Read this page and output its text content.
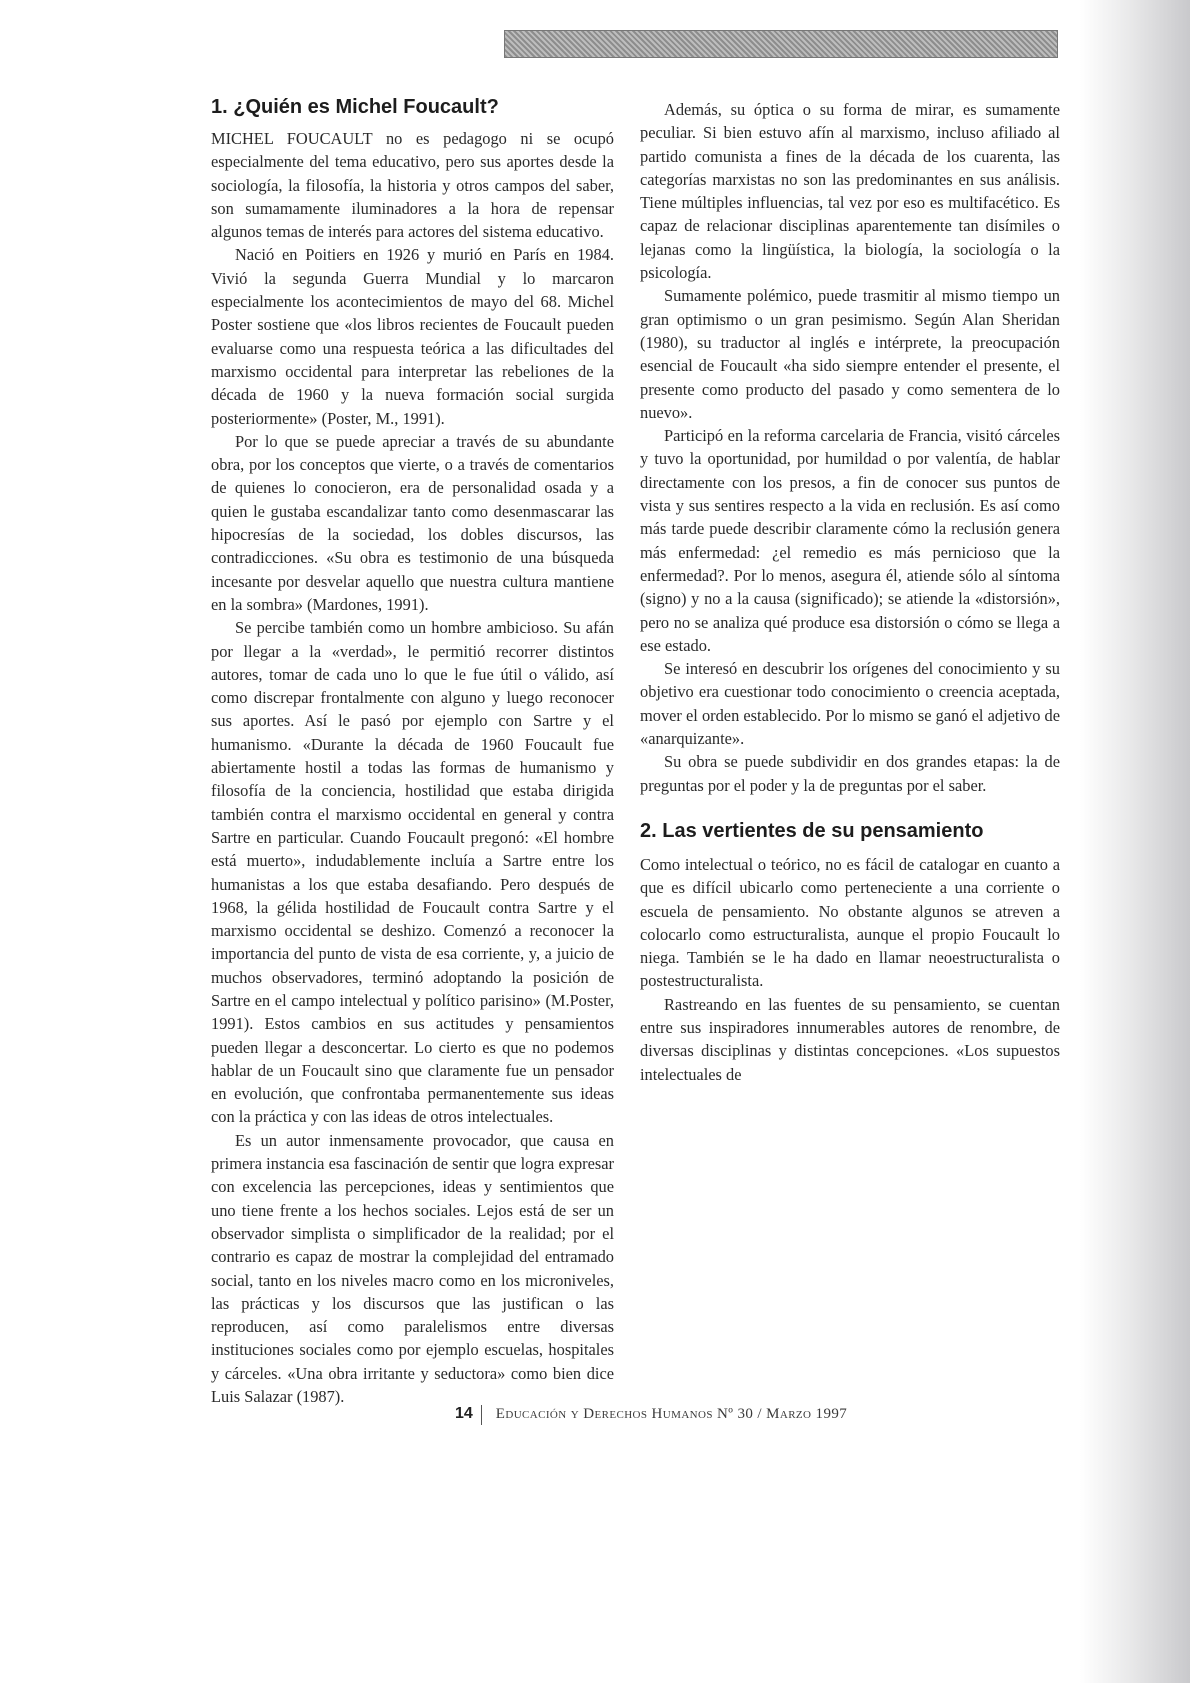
1. ¿Quién es Michel Foucault?

MICHEL FOUCAULT no es pedagogo ni se ocupó especialmente del tema educativo, pero sus aportes desde la sociología, la filosofía, la historia y otros campos del saber, son sumamamente iluminadores a la hora de repensar algunos temas de interés para actores del sistema educativo.

Nació en Poitiers en 1926 y murió en París en 1984. Vivió la segunda Guerra Mundial y lo marcaron especialmente los acontecimientos de mayo del 68. Michel Poster sostiene que «los libros recientes de Foucault pueden evaluarse como una respuesta teórica a las dificultades del marxismo occidental para interpretar las rebeliones de la década de 1960 y la nueva formación social surgida posteriormente» (Poster, M., 1991).

Por lo que se puede apreciar a través de su abundante obra, por los conceptos que vierte, o a través de comentarios de quienes lo conocieron, era de personalidad osada y a quien le gustaba escandalizar tanto como desenmascarar las hipocresías de la sociedad, los dobles discursos, las contradicciones. «Su obra es testimonio de una búsqueda incesante por desvelar aquello que nuestra cultura mantiene en la sombra» (Mardones, 1991).

Se percibe también como un hombre ambicioso. Su afán por llegar a la «verdad», le permitió recorrer distintos autores, tomar de cada uno lo que le fue útil o válido, así como discrepar frontalmente con alguno y luego reconocer sus aportes. Así le pasó por ejemplo con Sartre y el humanismo. «Durante la década de 1960 Foucault fue abiertamente hostil a todas las formas de humanismo y filosofía de la conciencia, hostilidad que estaba dirigida también contra el marxismo occidental en general y contra Sartre en particular. Cuando Foucault pregonó: «El hombre está muerto», indudablemente incluía a Sartre entre los humanistas a los que estaba desafiando. Pero después de 1968, la gélida hostilidad de Foucault contra Sartre y el marxismo occidental se deshizo. Comenzó a reconocer la importancia del punto de vista de esa corriente, y, a juicio de muchos observadores, terminó adoptando la posición de Sartre en el campo intelectual y político parisino» (M.Poster, 1991). Estos cambios en sus actitudes y pensamientos pueden llegar a desconcertar. Lo cierto es que no podemos hablar de un Foucault sino que claramente fue un pensador en evolución, que confrontaba permanentemente sus ideas con la práctica y con las ideas de otros intelectuales.

Es un autor inmensamente provocador, que causa en primera instancia esa fascinación de sentir que logra expresar con excelencia las percepciones, ideas y sentimientos que uno tiene frente a los hechos sociales. Lejos está de ser un observador simplista o simplificador de la realidad; por el contrario es capaz de mostrar la complejidad del entramado social, tanto en los niveles macro como en los microniveles, las prácticas y los discursos que las justifican o las reproducen, así como paralelismos entre diversas instituciones sociales como por ejemplo escuelas, hospitales y cárceles. «Una obra irritante y seductora» como bien dice Luis Salazar (1987).

Además, su óptica o su forma de mirar, es sumamente peculiar. Si bien estuvo afín al marxismo, incluso afiliado al partido comunista a fines de la década de los cuarenta, las categorías marxistas no son las predominantes en sus análisis. Tiene múltiples influencias, tal vez por eso es multifacético. Es capaz de relacionar disciplinas aparentemente tan disímiles o lejanas como la lingüística, la biología, la sociología o la psicología.

Sumamente polémico, puede trasmitir al mismo tiempo un gran optimismo o un gran pesimismo. Según Alan Sheridan (1980), su traductor al inglés e intérprete, la preocupación esencial de Foucault «ha sido siempre entender el presente, el presente como producto del pasado y como sementera de lo nuevo».

Participó en la reforma carcelaria de Francia, visitó cárceles y tuvo la oportunidad, por humildad o por valentía, de hablar directamente con los presos, a fin de conocer sus puntos de vista y sus sentires respecto a la vida en reclusión. Es así como más tarde puede describir claramente cómo la reclusión genera más enfermedad: ¿el remedio es más pernicioso que la enfermedad?. Por lo menos, asegura él, atiende sólo al síntoma (signo) y no a la causa (significado); se atiende la «distorsión», pero no se analiza qué produce esa distorsión o cómo se llega a ese estado.

Se interesó en descubrir los orígenes del conocimiento y su objetivo era cuestionar todo conocimiento o creencia aceptada, mover el orden establecido. Por lo mismo se ganó el adjetivo de «anarquizante».

Su obra se puede subdividir en dos grandes etapas: la de preguntas por el poder y la de preguntas por el saber.

2. Las vertientes de su pensamiento

Como intelectual o teórico, no es fácil de catalogar en cuanto a que es difícil ubicarlo como perteneciente a una corriente o escuela de pensamiento. No obstante algunos se atreven a colocarlo como estructuralista, aunque el propio Foucault lo niega. También se le ha dado en llamar neoestructuralista o postestructuralista.

Rastreando en las fuentes de su pensamiento, se cuentan entre sus inspiradores innumerables autores de renombre, de diversas disciplinas y distintas concepciones. «Los supuestos intelectuales de

14 Educación y Derechos Humanos Nº 30 / Marzo 1997
